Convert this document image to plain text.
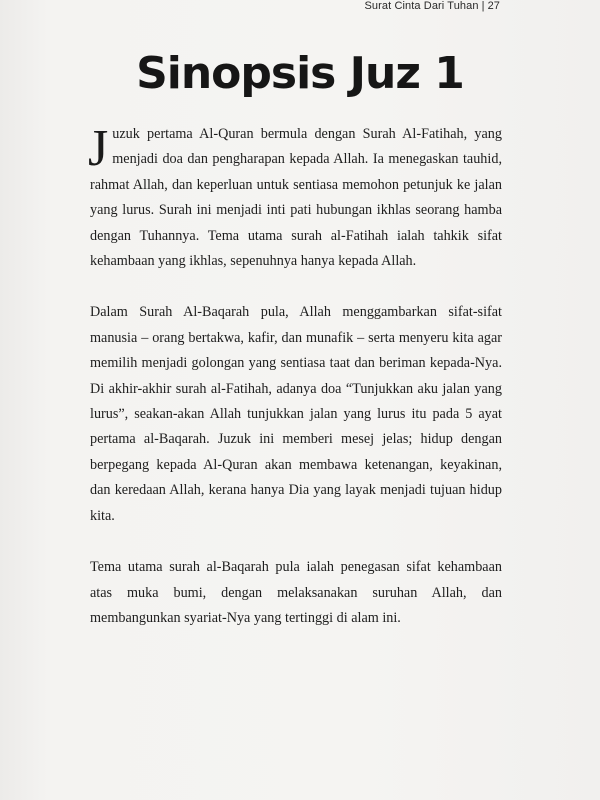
Surat Cinta Dari Tuhan | 27
Sinopsis Juz 1

Juzuk pertama Al-Quran bermula dengan Surah Al-Fatihah, yang menjadi doa dan pengharapan kepada Allah. Ia menegaskan tauhid, rahmat Allah, dan keperluan untuk sentiasa memohon petunjuk ke jalan yang lurus. Surah ini menjadi inti pati hubungan ikhlas seorang hamba dengan Tuhannya. Tema utama surah al-Fatihah ialah tahkik sifat kehambaan yang ikhlas, sepenuhnya hanya kepada Allah.

Dalam Surah Al-Baqarah pula, Allah menggambarkan sifat-sifat manusia – orang bertakwa, kafir, dan munafik – serta menyeru kita agar memilih menjadi golongan yang sentiasa taat dan beriman kepada-Nya. Di akhir-akhir surah al-Fatihah, adanya doa “Tunjukkan aku jalan yang lurus”, seakan-akan Allah tunjukkan jalan yang lurus itu pada 5 ayat pertama al-Baqarah. Juzuk ini memberi mesej jelas; hidup dengan berpegang kepada Al-Quran akan membawa ketenangan, keyakinan, dan keredaan Allah, kerana hanya Dia yang layak menjadi tujuan hidup kita.

Tema utama surah al-Baqarah pula ialah penegasan sifat kehambaan atas muka bumi, dengan melaksanakan suruhan Allah, dan membangunkan syariat-Nya yang tertinggi di alam ini.
